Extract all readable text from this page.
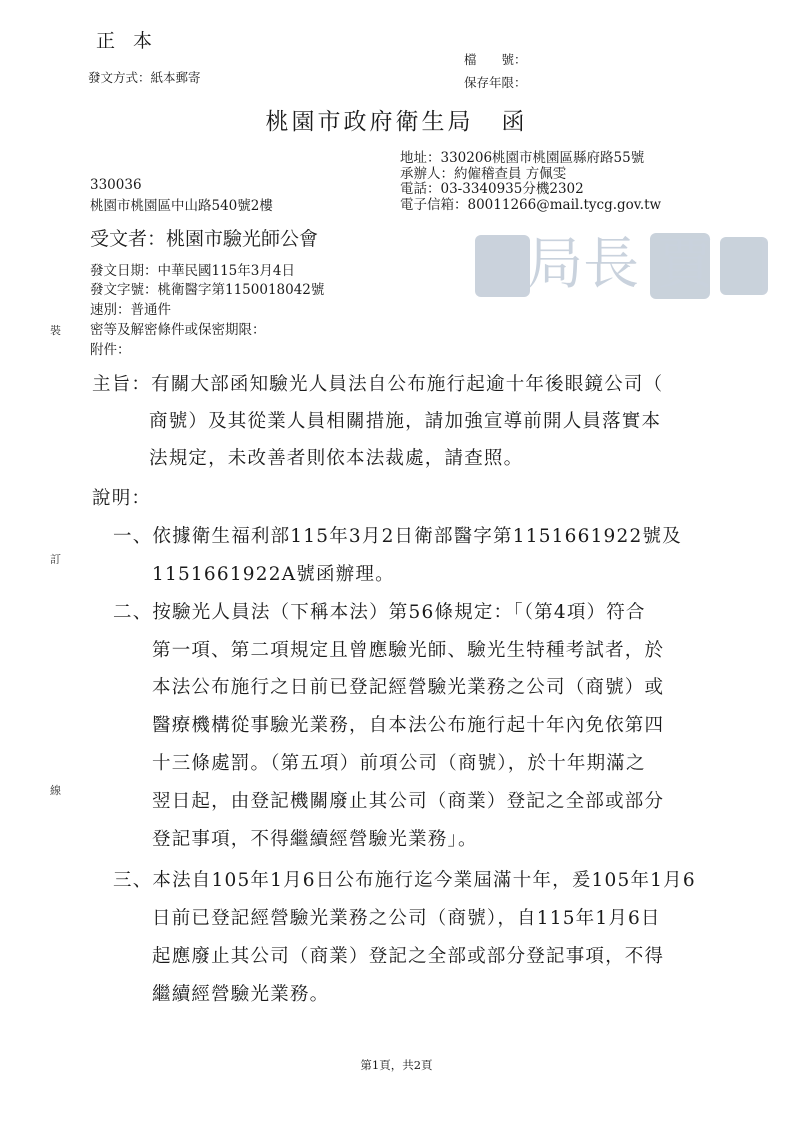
正 本
發文方式：紙本郵寄
檔　　號：
保存年限：
桃園市政府衛生局 函
地址：330206桃園市桃園區縣府路55號
承辦人：約僱稽查員 方佩雯
電話：03-3340935分機2302
電子信箱：80011266@mail.tycg.gov.tw
330036
桃園市桃園區中山路540號2樓
受文者：桃園市驗光師公會
發文日期：中華民國115年3月4日
發文字號：桃衛醫字第1150018042號
速別：普通件
密等及解密條件或保密期限：
附件：
局長 賈
裝
訂
線
主旨：有關大部函知驗光人員法自公布施行起逾十年後眼鏡公司（
商號）及其從業人員相關措施，請加強宣導前開人員落實本
法規定，未改善者則依本法裁處，請查照。
說明：
一、依據衛生福利部115年3月2日衛部醫字第1151661922號及
1151661922A號函辦理。
二、按驗光人員法（下稱本法）第56條規定：「（第4項）符合
第一項、第二項規定且曾應驗光師、驗光生特種考試者，於
本法公布施行之日前已登記經營驗光業務之公司（商號）或
醫療機構從事驗光業務，自本法公布施行起十年內免依第四
十三條處罰。（第五項）前項公司（商號），於十年期滿之
翌日起，由登記機關廢止其公司（商業）登記之全部或部分
登記事項，不得繼續經營驗光業務」。
三、本法自105年1月6日公布施行迄今業屆滿十年，爰105年1月6
日前已登記經營驗光業務之公司（商號），自115年1月6日
起應廢止其公司（商業）登記之全部或部分登記事項，不得
繼續經營驗光業務。
第1頁，共2頁
